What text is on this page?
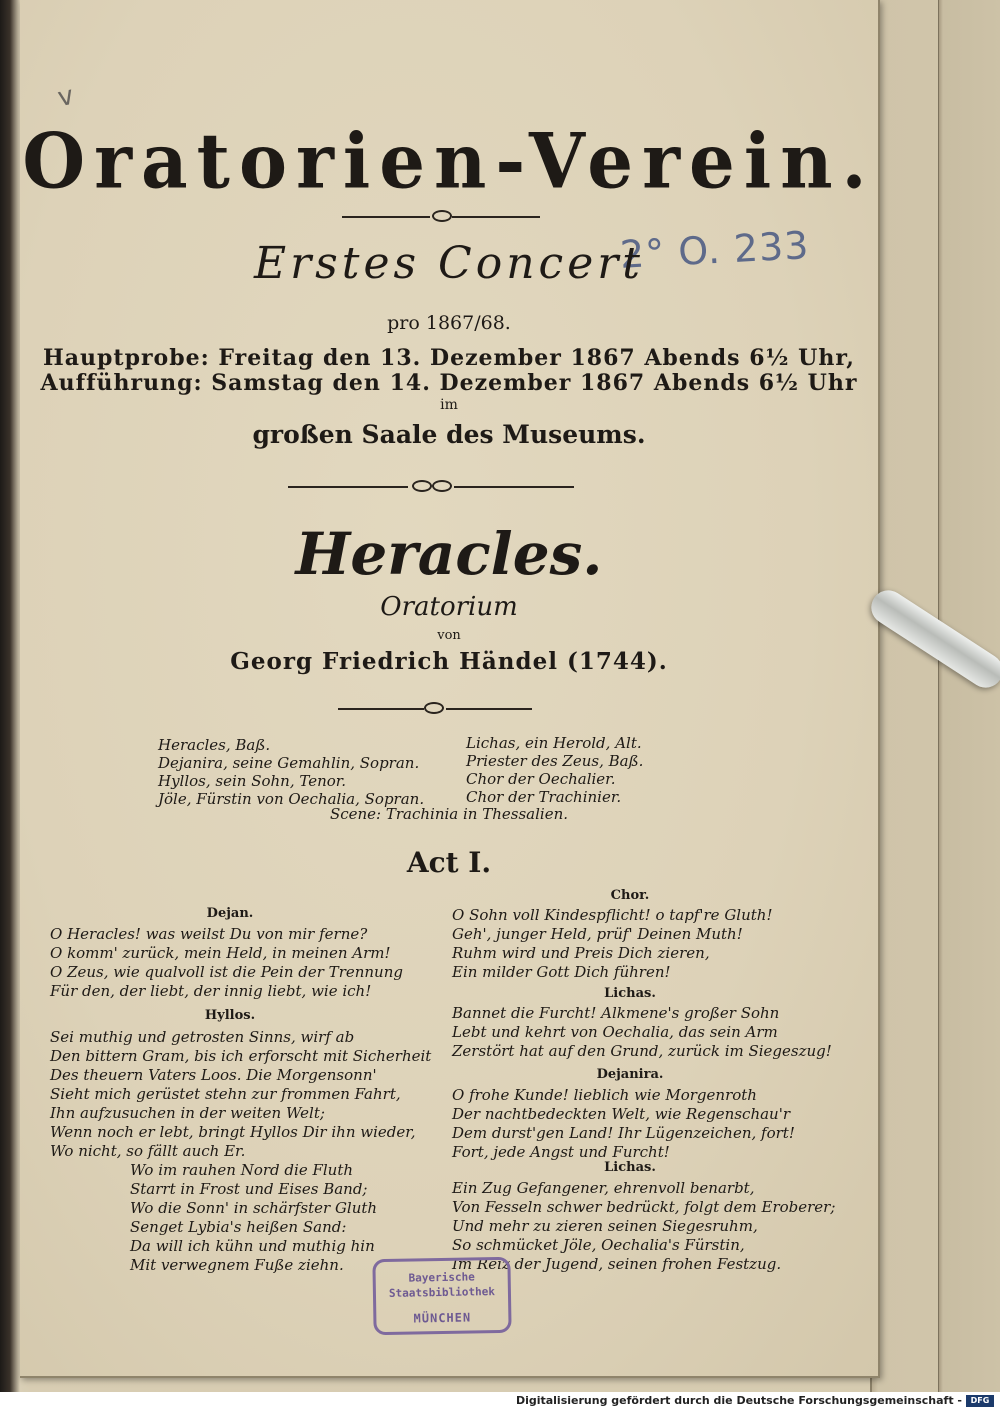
v
2° O. 233
Oratorien-Verein.
Erstes Concert
pro 1867/68.
Hauptprobe: Freitag den 13. Dezember 1867 Abends 6½ Uhr,
Aufführung: Samstag den 14. Dezember 1867 Abends 6½ Uhr
im
großen Saale des Museums.
Heracles.
Oratorium
von
Georg Friedrich Händel (1744).
Heracles, Baß.
Dejanira, seine Gemahlin, Sopran.
Hyllos, sein Sohn, Tenor.
Jöle, Fürstin von Oechalia, Sopran.
Lichas, ein Herold, Alt.
Priester des Zeus, Baß.
Chor der Oechalier.
Chor der Trachinier.
Scene: Trachinia in Thessalien.
Act I.
Dejan.
O Heracles! was weilst Du von mir ferne?
O komm' zurück, mein Held, in meinen Arm!
O Zeus, wie qualvoll ist die Pein der Trennung
Für den, der liebt, der innig liebt, wie ich!
Hyllos.
Sei muthig und getrosten Sinns, wirf ab
Den bittern Gram, bis ich erforscht mit Sicherheit
Des theuern Vaters Loos. Die Morgensonn'
Sieht mich gerüstet stehn zur frommen Fahrt,
Ihn aufzusuchen in der weiten Welt;
Wenn noch er lebt, bringt Hyllos Dir ihn wieder,
Wo nicht, so fällt auch Er.
Wo im rauhen Nord die Fluth
Starrt in Frost und Eises Band;
Wo die Sonn' in schärfster Gluth
Senget Lybia's heißen Sand:
Da will ich kühn und muthig hin
Mit verwegnem Fuße ziehn.
Chor.
O Sohn voll Kindespflicht! o tapf're Gluth!
Geh', junger Held, prüf' Deinen Muth!
Ruhm wird und Preis Dich zieren,
Ein milder Gott Dich führen!
Lichas.
Bannet die Furcht! Alkmene's großer Sohn
Lebt und kehrt von Oechalia, das sein Arm
Zerstört hat auf den Grund, zurück im Siegeszug!
Dejanira.
O frohe Kunde! lieblich wie Morgenroth
Der nachtbedeckten Welt, wie Regenschau'r
Dem durst'gen Land! Ihr Lügenzeichen, fort!
Fort, jede Angst und Furcht!
Lichas.
Ein Zug Gefangener, ehrenvoll benarbt,
Von Fesseln schwer bedrückt, folgt dem Eroberer;
Und mehr zu zieren seinen Siegesruhm,
So schmücket Jöle, Oechalia's Fürstin,
Im Reiz der Jugend, seinen frohen Festzug.
Bayerische
Staatsbibliothek
MÜNCHEN
Digitalisierung gefördert durch die Deutsche Forschungsgemeinschaft -	DFG
